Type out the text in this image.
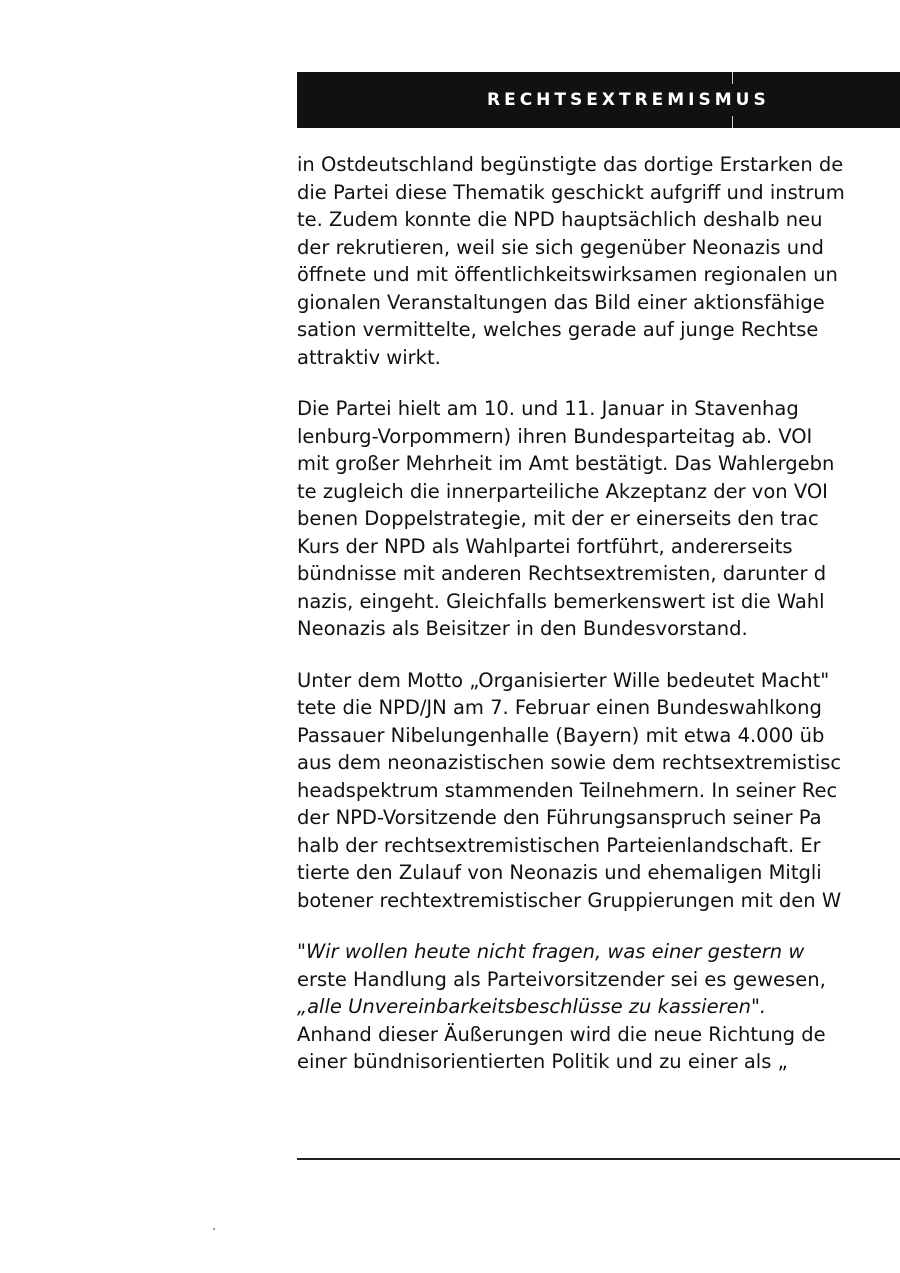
RECHTSEXTREMISMUS

in Ostdeutschland begünstigte das dortige Erstarken de
die Partei diese Thematik geschickt aufgriff und instrum
te. Zudem konnte die NPD hauptsächlich deshalb neu
der rekrutieren, weil sie sich gegenüber Neonazis und
öffnete und mit öffentlichkeitswirksamen regionalen un
gionalen Veranstaltungen das Bild einer aktionsfähige
sation vermittelte, welches gerade auf junge Rechtse
attraktiv wirkt.

Die Partei hielt am 10. und 11. Januar in Stavenhag
lenburg-Vorpommern) ihren Bundesparteitag ab. VOI
mit großer Mehrheit im Amt bestätigt. Das Wahlergebn
te zugleich die innerparteiliche Akzeptanz der von VOI
benen Doppelstrategie, mit der er einerseits den trac
Kurs der NPD als Wahlpartei fortführt, andererseits
bündnisse mit anderen Rechtsextremisten, darunter d
nazis, eingeht. Gleichfalls bemerkenswert ist die Wahl
Neonazis als Beisitzer in den Bundesvorstand.

Unter dem Motto „Organisierter Wille bedeutet Macht"
tete die NPD/JN am 7. Februar einen Bundeswahlkong
Passauer Nibelungenhalle (Bayern) mit etwa 4.000 üb
aus dem neonazistischen sowie dem rechtsextremistisc
headspektrum stammenden Teilnehmern. In seiner Rec
der NPD-Vorsitzende den Führungsanspruch seiner Pa
halb der rechtsextremistischen Parteienlandschaft. Er
tierte den Zulauf von Neonazis und ehemaligen Mitgli
botener rechtextremistischer Gruppierungen mit den W

"Wir wollen heute nicht fragen, was einer gestern w
erste Handlung als Parteivorsitzender sei es gewesen,
„alle Unvereinbarkeitsbeschlüsse zu kassieren".

Anhand dieser Äußerungen wird die neue Richtung de
einer bündnisorientierten Politik und zu einer als „
